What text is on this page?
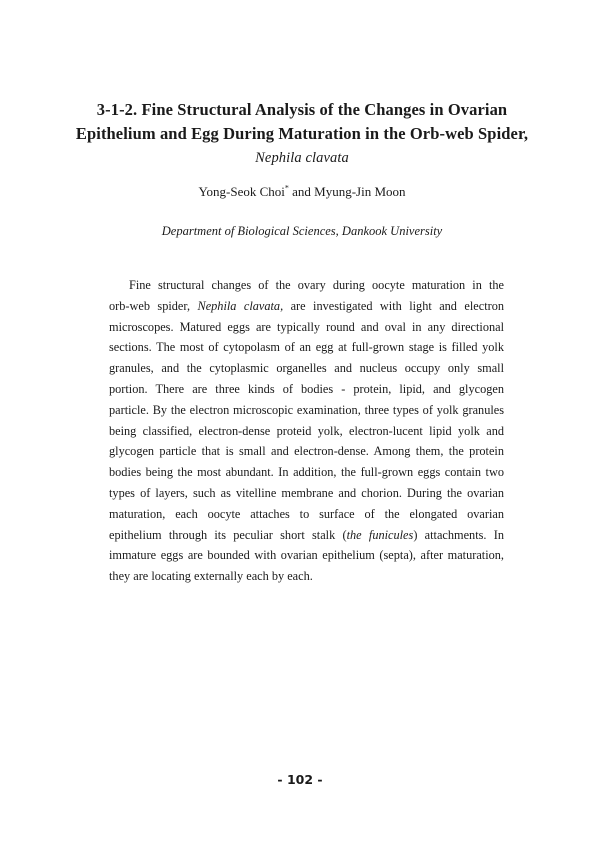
3-1-2. Fine Structural Analysis of the Changes in Ovarian
Epithelium and Egg During Maturation in the Orb-web Spider,
Nephila clavata
Yong-Seok Choi* and Myung-Jin Moon
Department of Biological Sciences, Dankook University
Fine structural changes of the ovary during oocyte maturation in the
orb-web spider, Nephila clavata, are investigated with light and electron
microscopes. Matured eggs are typically round and oval in any directional
sections. The most of cytopolasm of an egg at full-grown stage is filled yolk
granules, and the cytoplasmic organelles and nucleus occupy only small
portion. There are three kinds of bodies - protein, lipid, and glycogen
particle. By the electron microscopic examination, three types of yolk granules
being classified, electron-dense proteid yolk, electron-lucent lipid yolk and
glycogen particle that is small and electron-dense. Among them, the protein
bodies being the most abundant. In addition, the full-grown eggs contain two
types of layers, such as vitelline membrane and chorion. During the ovarian
maturation, each oocyte attaches to surface of the elongated ovarian
epithelium through its peculiar short stalk (the funicules) attachments. In
immature eggs are bounded with ovarian epithelium (septa), after maturation,
they are locating externally each by each.
- 102 -
